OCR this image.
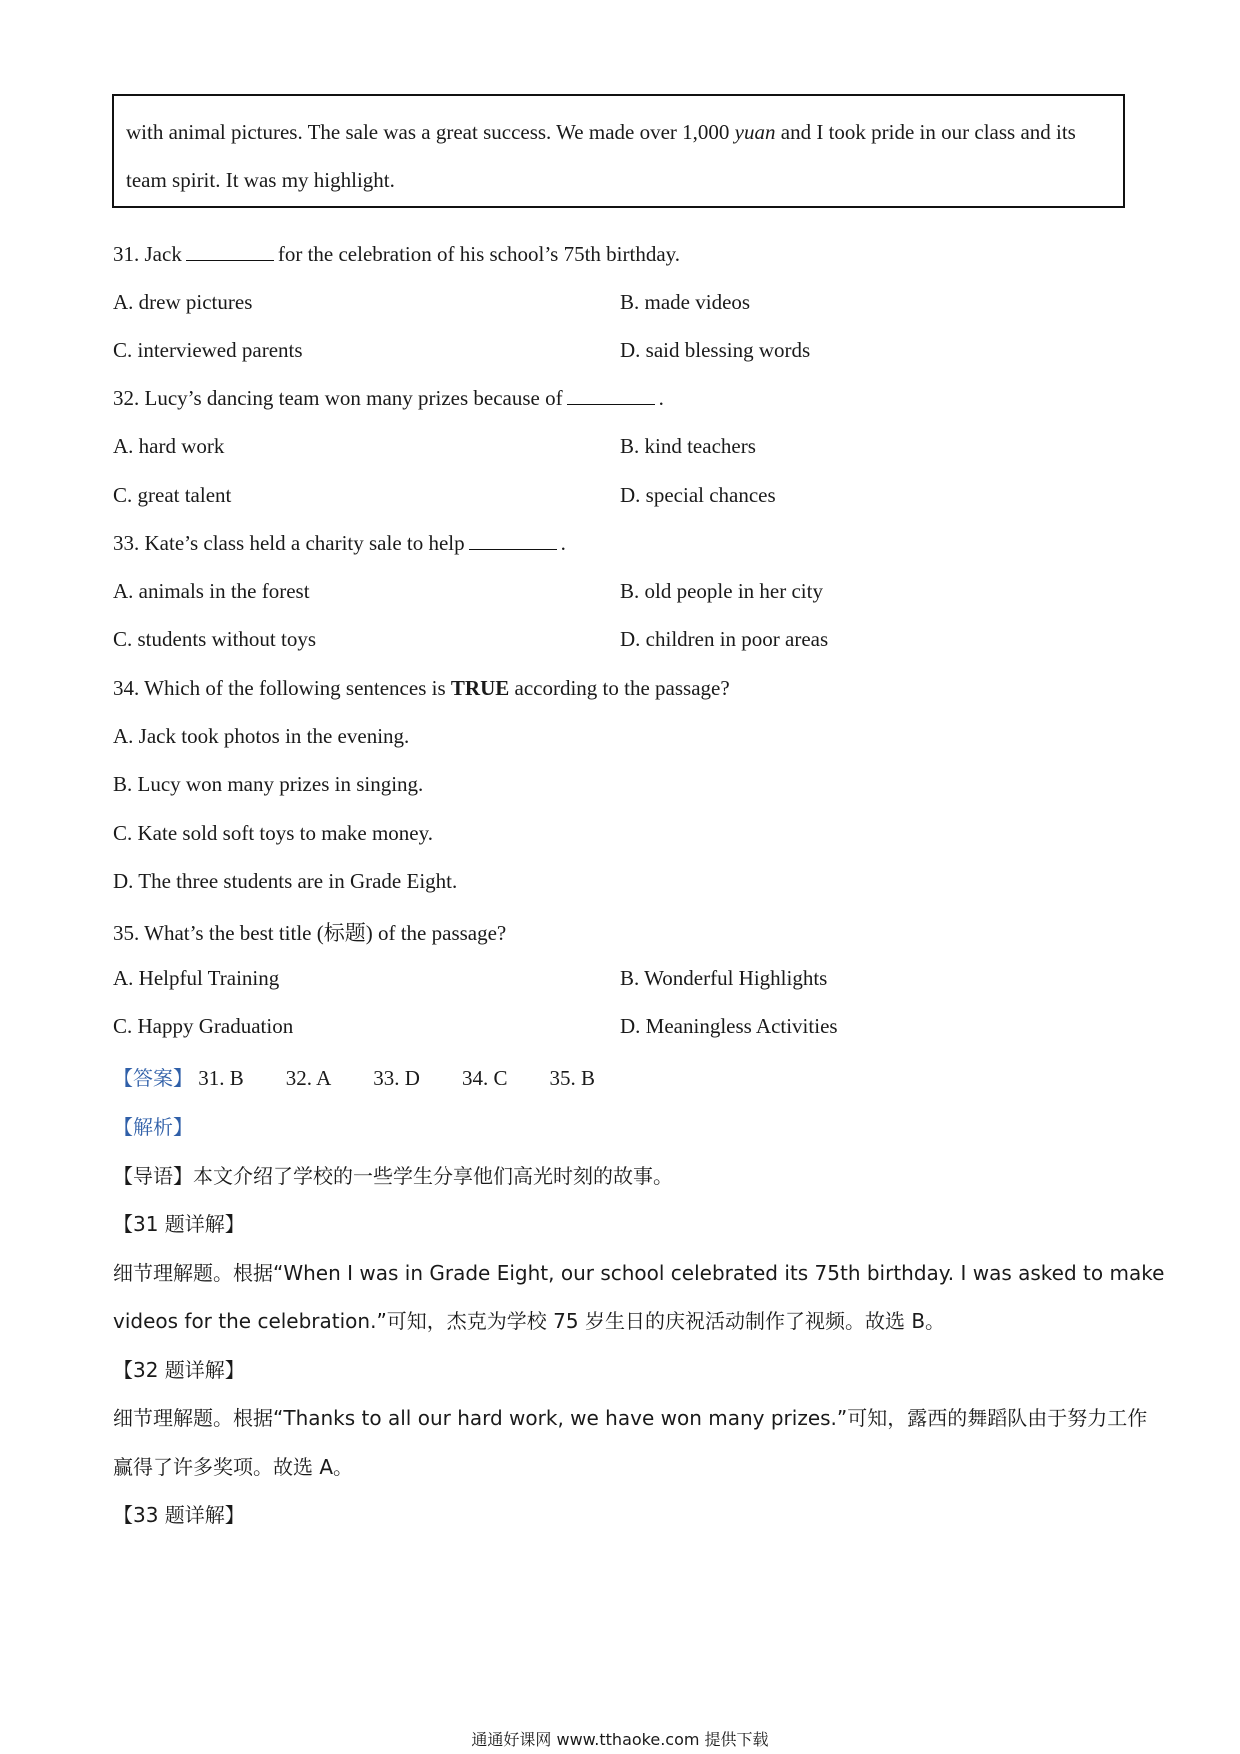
with animal pictures. The sale was a great success. We made over 1,000 yuan and I took pride in our class and its team spirit. It was my highlight.
31. Jack	for the celebration of his school’s 75th birthday.
A. drew pictures	B. made videos
C. interviewed parents	D. said blessing words
32. Lucy’s dancing team won many prizes because of	.
A. hard work	B. kind teachers
C. great talent	D. special chances
33. Kate’s class held a charity sale to help	.
A. animals in the forest	B. old people in her city
C. students without toys	D. children in poor areas
34. Which of the following sentences is TRUE according to the passage?
A. Jack took photos in the evening.
B. Lucy won many prizes in singing.
C. Kate sold soft toys to make money.
D. The three students are in Grade Eight.
35. What’s the best title (标题) of the passage?
A. Helpful Training	B. Wonderful Highlights
C. Happy Graduation	D. Meaningless Activities
【答案】 31. B 32. A 33. D 34. C 35. B
【解析】
【导语】本文介绍了学校的一些学生分享他们高光时刻的故事。
【31 题详解】
细节理解题。根据“When I was in Grade Eight, our school celebrated its 75th birthday. I was asked to make
videos for the celebration.”可知，杰克为学校 75 岁生日的庆祝活动制作了视频。故选 B。
【32 题详解】
细节理解题。根据“Thanks to all our hard work, we have won many prizes.”可知，露西的舞蹈队由于努力工作
赢得了许多奖项。故选 A。
【33 题详解】
通通好课网 www.tthaoke.com 提供下载
